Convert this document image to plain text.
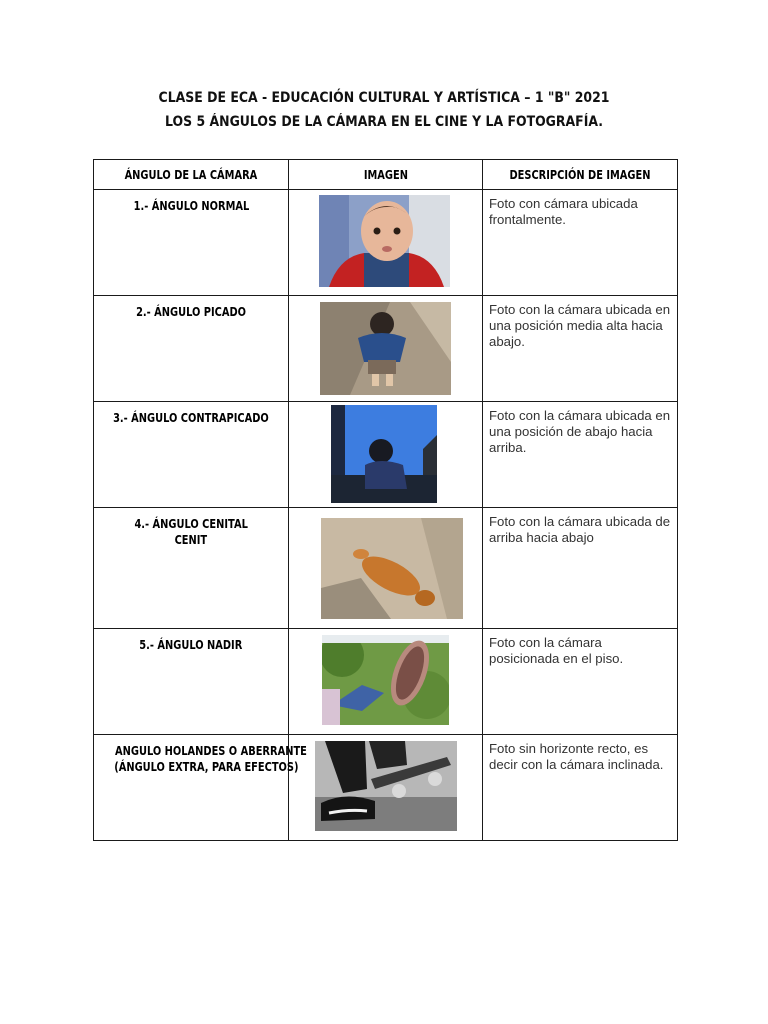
CLASE DE ECA - EDUCACIÓN CULTURAL Y ARTÍSTICA – 1 "B" 2021
LOS 5 ÁNGULOS DE LA CÁMARA EN EL CINE Y LA FOTOGRAFÍA.
ÁNGULO DE LA CÁMARA	IMAGEN	DESCRIPCIÓN DE IMAGEN
1.- ÁNGULO NORMAL		Foto con cámara ubicada frontalmente.
2.- ÁNGULO PICADO		Foto con la cámara ubicada en una posición media alta hacia abajo.
3.- ÁNGULO CONTRAPICADO		Foto con la cámara ubicada en una posición de abajo hacia arriba.

4.- ÁNGULO CENITAL
CENIT		Foto con la cámara ubicada de arriba hacia abajo
5.- ÁNGULO NADIR		Foto con la cámara posicionada en el piso.

ANGULO HOLANDES O ABERRANTE
(ÁNGULO EXTRA, PARA EFECTOS)		Foto sin horizonte recto, es decir con la cámara inclinada.
